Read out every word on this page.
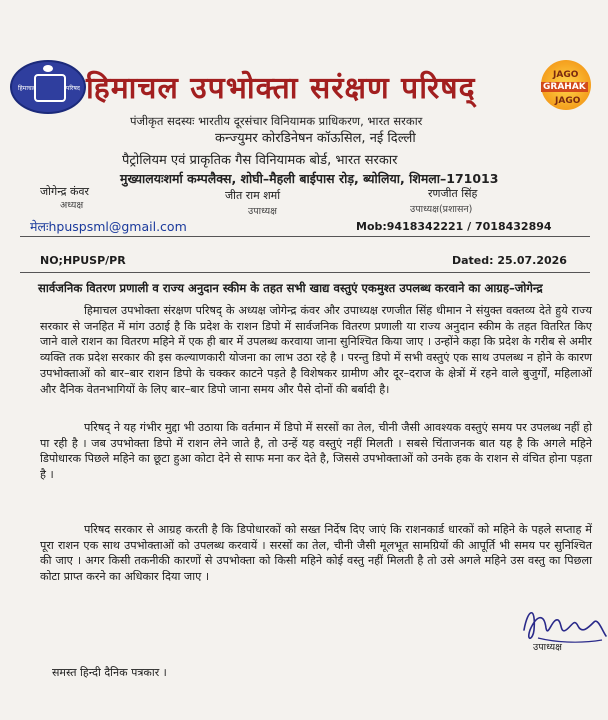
हिमाचल	परिषद हिमाचल उपभोक्ता सरंक्षण परिषद्	JAGO
GRAHAK
JAGO
पंजीकृत सदस्यः भारतीय दूरसंचार विनियामक प्राधिकरण, भारत सरकार
कन्ज्युमर कोरडिनेषन कॉऊसिल, नई दिल्ली
पैट्रोलियम एवं प्राकृतिक गैस विनियामक बोर्ड, भारत सरकार
मुख्यालयःशर्मा कम्पलैक्स, शोघी–मैहली बाईपास रोड़, ब्योलिया, शिमला–171013
जोगेन्द्र कंवर
अध्यक्ष
जीत राम शर्मा
उपाध्यक्ष
रणजीत सिंह
उपाध्यक्ष(प्रशासन)
मेलःhpuspsml@gmail.com	Mob:9418342221 / 7018432894
NO;HPUSP/PR	Dated: 25.07.2026
सार्वजनिक वितरण प्रणाली व राज्य अनुदान स्कीम के तहत सभी खाद्य वस्तुएं एकमुश्त उपलब्ध करवाने का आग्रह–जोगेन्द्र

हिमाचल उपभोक्ता संरक्षण परिषद् के अध्यक्ष जोगेन्द्र कंवर और उपाध्यक्ष रणजीत सिंह धीमान ने संयुक्त वक्तव्य देते हुये राज्य सरकार से जनहित में मांग उठाई है कि प्रदेश के राशन डिपो में सार्वजनिक वितरण प्रणाली या राज्य अनुदान स्कीम के तहत वितरित किए जाने वाले राशन का वितरण महिने में एक ही बार में उपलब्ध करवाया जाना सुनिश्चित किया जाए । उन्होंने कहा कि प्रदेश के गरीब से अमीर व्यक्ति तक प्रदेश सरकार की इस कल्याणकारी योजना का लाभ उठा रहे है । परन्तु डिपो में सभी वस्तुएं एक साथ उपलब्ध न होने के कारण उपभोक्ताओं को बार–बार राशन डिपो के चक्कर काटने पड़ते है विशेषकर ग्रामीण और दूर–दराज के क्षेत्रों में रहने वाले बुजुर्गों, महिलाओं और दैनिक वेतनभागियों के लिए बार–बार डिपो जाना समय और पैसे दोनों की बर्बादी है।

परिषद् ने यह गंभीर मुद्दा भी उठाया कि वर्तमान में डिपो में सरसों का तेल, चीनी जैसी आवश्यक वस्तुएं समय पर उपलब्ध नहीं हो पा रही है । जब उपभोक्ता डिपो में राशन लेने जाते है, तो उन्हें यह वस्तुएं नहीं मिलती । सबसे चिंताजनक बात यह है कि अगले महिने डिपोधारक पिछले महिने का छूटा हुआ कोटा देने से साफ मना कर देते है, जिससे उपभोक्ताओं को उनके हक के राशन से वंचित होना पड़ता है ।

परिषद सरकार से आग्रह करती है कि डिपोधारकों को सख्त निर्देष दिए जाएं कि राशनकार्ड धारकों को महिने के पहले सप्ताह में पूरा राशन एक साथ उपभोक्ताओं को उपलब्ध करवायें । सरसों का तेल, चीनी जैसी मूलभूत सामग्रियों की आपूर्ति भी समय पर सुनिश्चित की जाए । अगर किसी तकनीकी कारणों से उपभोक्ता को किसी महिने कोई वस्तु नहीं मिलती है तो उसे अगले महिने उस वस्तु का पिछला कोटा प्राप्त करने का अधिकार दिया जाए ।

उपाध्यक्ष
समस्त हिन्दी दैनिक पत्रकार ।
